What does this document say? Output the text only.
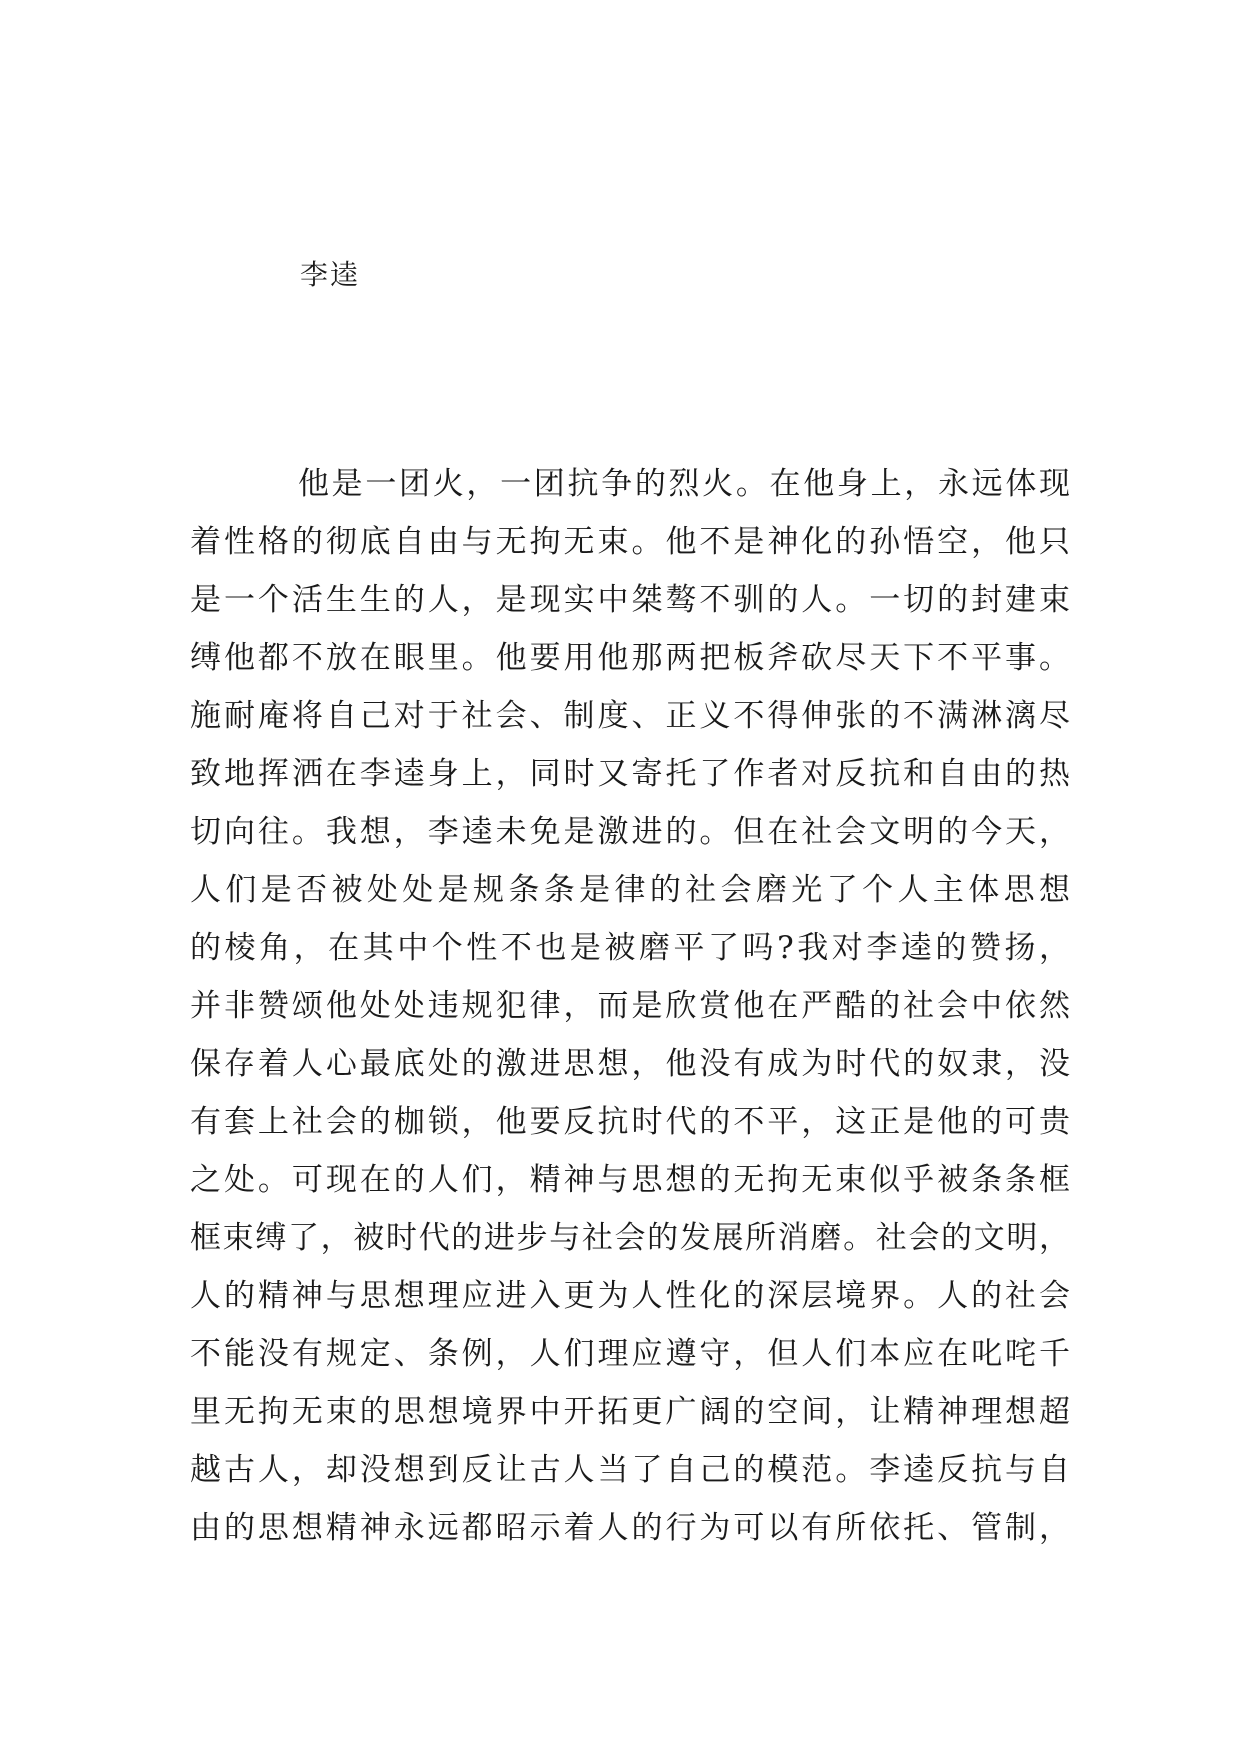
李逵
他是一团火，一团抗争的烈火。在他身上，永远体现
着性格的彻底自由与无拘无束。他不是神化的孙悟空，他只
是一个活生生的人，是现实中桀骜不驯的人。一切的封建束
缚他都不放在眼里。他要用他那两把板斧砍尽天下不平事。
施耐庵将自己对于社会、制度、正义不得伸张的不满淋漓尽
致地挥洒在李逵身上，同时又寄托了作者对反抗和自由的热
切向往。我想，李逵未免是激进的。但在社会文明的今天，
人们是否被处处是规条条是律的社会磨光了个人主体思想
的棱角，在其中个性不也是被磨平了吗?我对李逵的赞扬，
并非赞颂他处处违规犯律，而是欣赏他在严酷的社会中依然
保存着人心最底处的激进思想，他没有成为时代的奴隶，没
有套上社会的枷锁，他要反抗时代的不平，这正是他的可贵
之处。可现在的人们，精神与思想的无拘无束似乎被条条框
框束缚了，被时代的进步与社会的发展所消磨。社会的文明，
人的精神与思想理应进入更为人性化的深层境界。人的社会
不能没有规定、条例，人们理应遵守，但人们本应在叱咤千
里无拘无束的思想境界中开拓更广阔的空间，让精神理想超
越古人，却没想到反让古人当了自己的模范。李逵反抗与自
由的思想精神永远都昭示着人的行为可以有所依托、管制，
